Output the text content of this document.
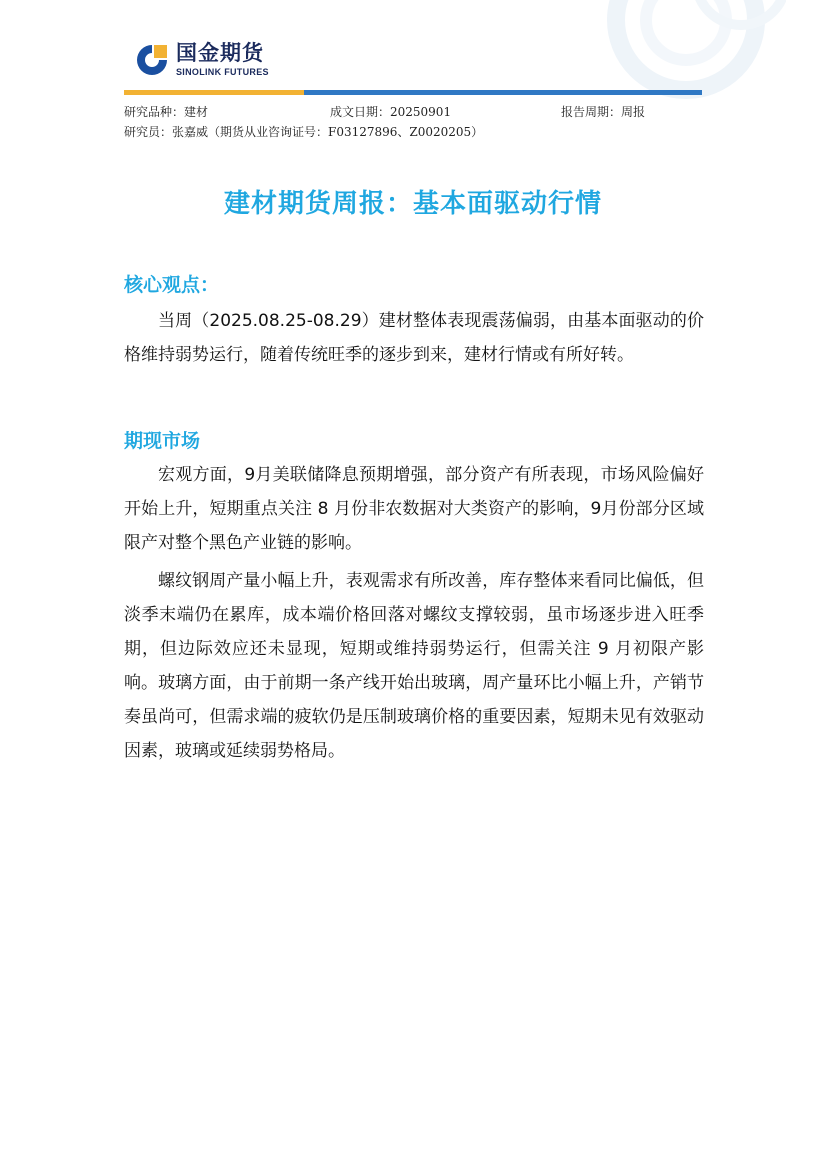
国金期货
SINOLINK FUTURES
研究品种：建材	成文日期：20250901	报告周期：周报
研究员：张嘉威（期货从业咨询证号：F03127896、Z0020205）
建材期货周报：基本面驱动行情
核心观点：
当周（2025.08.25-08.29）建材整体表现震荡偏弱，由基本面驱动的价格维持弱势运行，随着传统旺季的逐步到来，建材行情或有所好转。
期现市场
宏观方面，9月美联储降息预期增强，部分资产有所表现，市场风险偏好开始上升，短期重点关注 8 月份非农数据对大类资产的影响，9月份部分区域限产对整个黑色产业链的影响。
螺纹钢周产量小幅上升，表观需求有所改善，库存整体来看同比偏低，但淡季末端仍在累库，成本端价格回落对螺纹支撑较弱，虽市场逐步进入旺季期，但边际效应还未显现，短期或维持弱势运行，但需关注 9 月初限产影响。玻璃方面，由于前期一条产线开始出玻璃，周产量环比小幅上升，产销节奏虽尚可，但需求端的疲软仍是压制玻璃价格的重要因素，短期未见有效驱动因素，玻璃或延续弱势格局。
